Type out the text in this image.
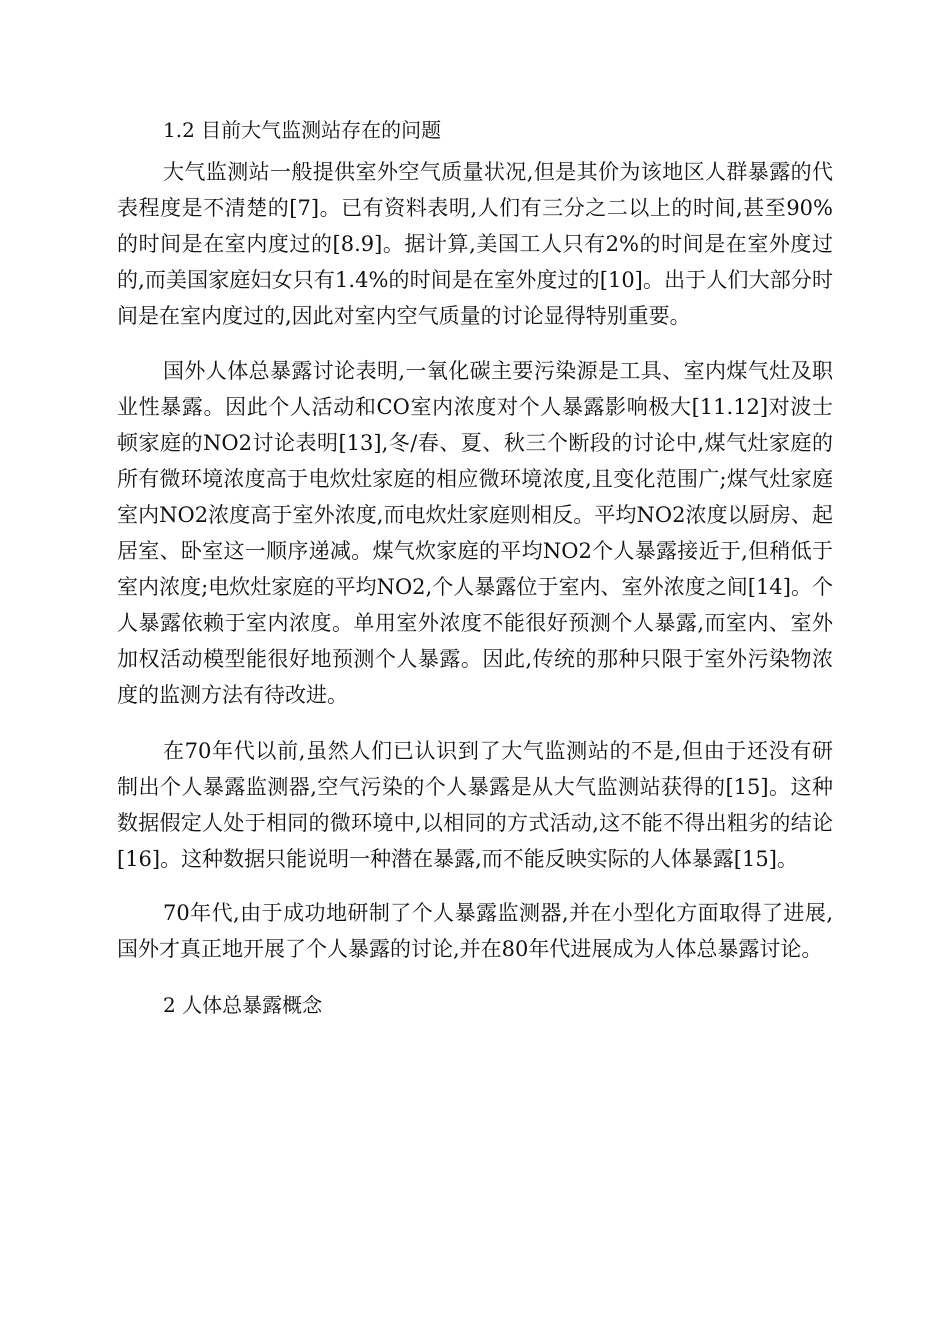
1.2 目前大气监测站存在的问题

大气监测站一般提供室外空气质量状况,但是其价为该地区人群暴露的代表程度是不清楚的[7]。已有资料表明,人们有三分之二以上的时间,甚至90%的时间是在室内度过的[8.9]。据计算,美国工人只有2%的时间是在室外度过的,而美国家庭妇女只有1.4%的时间是在室外度过的[10]。出于人们大部分时间是在室内度过的,因此对室内空气质量的讨论显得特别重要。

国外人体总暴露讨论表明,一氧化碳主要污染源是工具、室内煤气灶及职业性暴露。因此个人活动和CO室内浓度对个人暴露影响极大[11.12]对波士顿家庭的NO2讨论表明[13],冬/春、夏、秋三个断段的讨论中,煤气灶家庭的所有微环境浓度高于电炊灶家庭的相应微环境浓度,且变化范围广;煤气灶家庭室内NO2浓度高于室外浓度,而电炊灶家庭则相反。平均NO2浓度以厨房、起居室、卧室这一顺序递减。煤气炊家庭的平均NO2个人暴露接近于,但稍低于室内浓度;电炊灶家庭的平均NO2,个人暴露位于室内、室外浓度之间[14]。个人暴露依赖于室内浓度。单用室外浓度不能很好预测个人暴露,而室内、室外加权活动模型能很好地预测个人暴露。因此,传统的那种只限于室外污染物浓度的监测方法有待改进。

在70年代以前,虽然人们已认识到了大气监测站的不是,但由于还没有研制出个人暴露监测器,空气污染的个人暴露是从大气监测站获得的[15]。这种数据假定人处于相同的微环境中,以相同的方式活动,这不能不得出粗劣的结论[16]。这种数据只能说明一种潜在暴露,而不能反映实际的人体暴露[15]。

70年代,由于成功地研制了个人暴露监测器,并在小型化方面取得了进展,国外才真正地开展了个人暴露的讨论,并在80年代进展成为人体总暴露讨论。

2 人体总暴露概念
